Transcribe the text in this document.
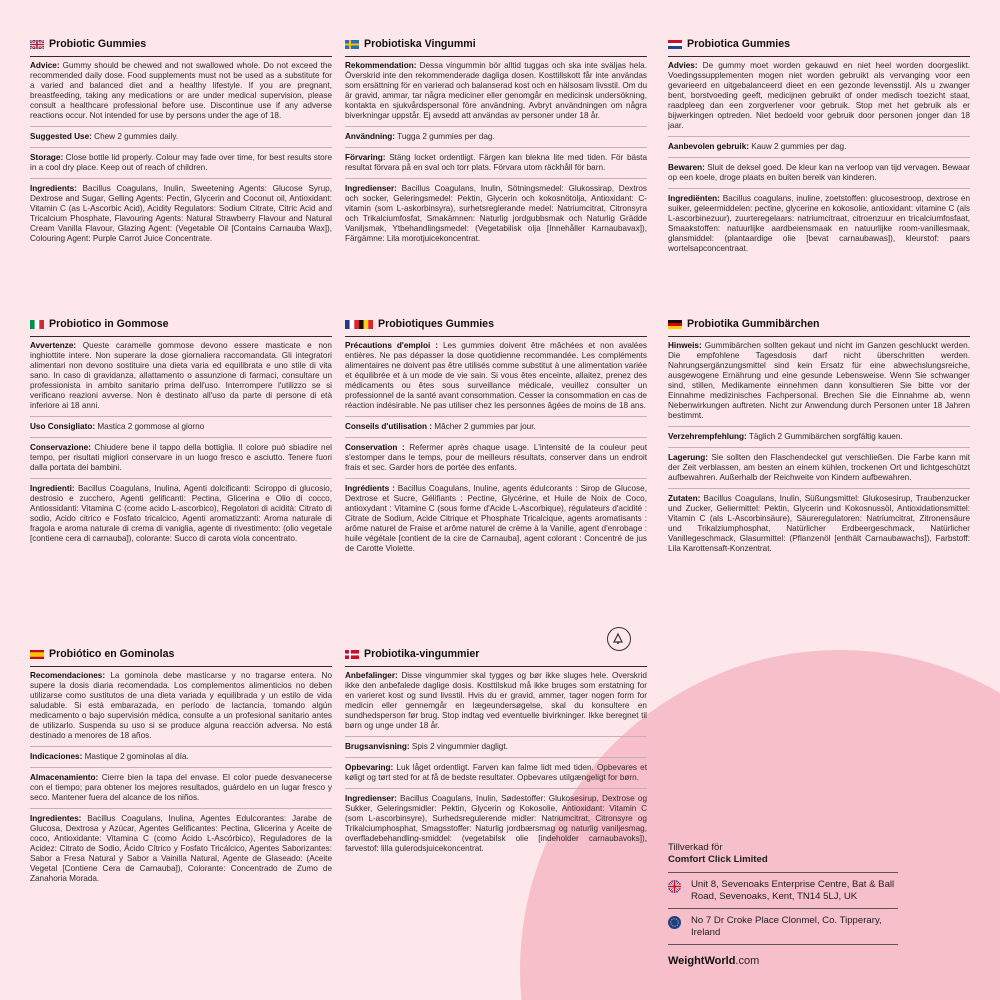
Probiotic Gummies

Advice: Gummy should be chewed and not swallowed whole. Do not exceed the recommended daily dose. Food supplements must not be used as a substitute for a varied and balanced diet and a healthy lifestyle. If you are pregnant, breastfeeding, taking any medications or are under medical supervision, please consult a healthcare professional before use. Discontinue use if any adverse reactions occur. Not intended for use by persons under the age of 18.

Suggested Use: Chew 2 gummies daily.

Storage: Close bottle lid properly. Colour may fade over time, for best results store in a cool dry place. Keep out of reach of children.

Ingredients: Bacillus Coagulans, Inulin, Sweetening Agents: Glucose Syrup, Dextrose and Sugar, Gelling Agents: Pectin, Glycerin and Coconut oil, Antioxidant: Vitamin C (as L-Ascorbic Acid), Acidity Regulators: Sodium Citrate, Citric Acid and Tricalcium Phosphate, Flavouring Agents: Natural Strawberry Flavour and Natural Cream Vanilla Flavour, Glazing Agent: (Vegetable Oil [Contains Carnauba Wax]), Colouring Agent: Purple Carrot Juice Concentrate.

Probiotiska Vingummi

Rekommendation: Dessa vingummin bör alltid tuggas och ska inte sväljas hela. Överskrid inte den rekommenderade dagliga dosen. Kosttillskott får inte användas som ersättning för en varierad och balanserad kost och en hälsosam livsstil. Om du är gravid, ammar, tar några mediciner eller genomgår en medicinsk undersökning, kontakta en sjukvårdspersonal före användning. Avbryt användningen om några biverkningar uppstår. Ej avsedd att användas av personer under 18 år.

Användning: Tugga 2 gummies per dag.

Förvaring: Stäng locket ordentligt. Färgen kan blekna lite med tiden. För bästa resultat förvara på en sval och torr plats. Förvara utom räckhåll för barn.

Ingredienser: Bacillus Coagulans, Inulin, Sötningsmedel: Glukossirap, Dextros och socker, Geleringsmedel: Pektin, Glycerin och kokosnötolja, Antioxidant: C-vitamin (som L-askorbinsyra), surhetsreglerande medel: Natriumcitrat, Citronsyra och Trikalciumfosfat, Smakämnen: Naturlig jordgubbsmak och Naturlig Grädde Vaniljsmak, Ytbehandlingsmedel: (Vegetabilisk olja [Innehåller Karnaubavax]), Färgämne: Lila morotjuicekoncentrat.

Probiotica Gummies

Advies: De gummy moet worden gekauwd en niet heel worden doorgeslikt. Voedingssupplementen mogen niet worden gebruikt als vervanging voor een gevarieerd en uitgebalanceerd dieet en een gezonde levensstijl. Als u zwanger bent, borstvoeding geeft, medicijnen gebruikt of onder medisch toezicht staat, raadpleeg dan een zorgverlener voor gebruik. Stop met het gebruik als er bijwerkingen optreden. Niet bedoeld voor gebruik door personen jonger dan 18 jaar.

Aanbevolen gebruik: Kauw 2 gummies per dag.

Bewaren: Sluit de deksel goed. De kleur kan na verloop van tijd vervagen. Bewaar op een koele, droge plaats en buiten bereik van kinderen.

Ingrediënten: Bacillus coagulans, inuline, zoetstoffen: glucosestroop, dextrose en suiker, geleermiddelen: pectine, glycerine en kokosolie, antioxidant: vitamine C (als L-ascorbinezuur), zuurteregelaars: natriumcitraat, citroenzuur en tricalciumfosfaat, Smaakstoffen: natuurlijke aardbeiensmaak en natuurlijke room-vanillesmaak, glansmiddel: (plantaardige olie [bevat carnaubawas]), kleurstof: paars wortelsapconcentraat.

Probiotico in Gommose

Avvertenze: Queste caramelle gommose devono essere masticate e non inghiottite intere. Non superare la dose giornaliera raccomandata. Gli integratori alimentari non devono sostituire una dieta varia ed equilibrata e uno stile di vita sano. In caso di gravidanza, allattamento o assunzione di farmaci, consultare un professionista in ambito sanitario prima dell'uso. Interrompere l'utilizzo se si verificano reazioni avverse. Non è destinato all'uso da parte di persone di età inferiore ai 18 anni.

Uso Consigliato: Mastica 2 gommose al giorno

Conservazione: Chiudere bene il tappo della bottiglia. Il colore può sbiadire nel tempo, per risultati migliori conservare in un luogo fresco e asciutto. Tenere fuori dalla portata dei bambini.

Ingredienti: Bacillus Coagulans, Inulina, Agenti dolcificanti: Sciroppo di glucosio, destrosio e zucchero, Agenti gelificanti: Pectina, Glicerina e Olio di cocco, Antiossidanti: Vitamina C (come acido L-ascorbico), Regolatori di acidità: Citrato di sodio, Acido citrico e Fosfato tricalcico, Agenti aromatizzanti: Aroma naturale di fragola e aroma naturale di crema di vaniglia, agente di rivestimento: (olio vegetale [contiene cera di carnauba]), colorante: Succo di carota viola concentrato.

Probiotiques Gummies

Précautions d'emploi : Les gummies doivent être mâchées et non avalées entières. Ne pas dépasser la dose quotidienne recommandée. Les compléments alimentaires ne doivent pas être utilisés comme substitut à une alimentation variée et équilibrée et à un mode de vie sain. Si vous êtes enceinte, allaitez, prenez des médicaments ou êtes sous surveillance médicale, veuillez consulter un professionnel de la santé avant consommation. Cesser la consommation en cas de réaction indésirable. Ne pas utiliser chez les personnes âgées de moins de 18 ans.

Conseils d'utilisation : Mâcher 2 gummies par jour.

Conservation : Refermer après chaque usage. L'intensité de la couleur peut s'estomper dans le temps, pour de meilleurs résultats, conserver dans un endroit frais et sec. Garder hors de portée des enfants.

Ingrédients : Bacillus Coagulans, Inuline, agents édulcorants : Sirop de Glucose, Dextrose et Sucre, Gélifiants : Pectine, Glycérine, et Huile de Noix de Coco, antioxydant : Vitamine C (sous forme d'Acide L-Ascorbique), régulateurs d'acidité : Citrate de Sodium, Acide Citrique et Phosphate Tricalcique, agents aromatisants : arôme naturel de Fraise et arôme naturel de crème à la Vanille, agent d'enrobage : huile végétale [contient de la cire de Carnauba], agent colorant : Concentré de jus de Carotte Violette.

Probiotika Gummibärchen

Hinweis: Gummibärchen sollten gekaut und nicht im Ganzen geschluckt werden. Die empfohlene Tagesdosis darf nicht überschritten werden. Nahrungsergänzungsmittel sind kein Ersatz für eine abwechslungsreiche, ausgewogene Ernährung und eine gesunde Lebensweise. Wenn Sie schwanger sind, stillen, Medikamente einnehmen dann konsultieren Sie bitte vor der Einnahme medizinisches Fachpersonal. Brechen Sie die Einnahme ab, wenn Nebenwirkungen auftreten. Nicht zur Anwendung durch Personen unter 18 Jahren bestimmt.

Verzehrempfehlung: Täglich 2 Gummibärchen sorgfältig kauen.

Lagerung: Sie sollten den Flaschendeckel gut verschließen. Die Farbe kann mit der Zeit verblassen, am besten an einem kühlen, trockenen Ort und lichtgeschützt aufbewahren. Außerhalb der Reichweite von Kindern aufbewahren.

Zutaten: Bacillus Coagulans, Inulin, Süßungsmittel: Glukosesirup, Traubenzucker und Zucker, Geliermittel: Pektin, Glycerin und Kokosnussöl, Antioxidationsmittel: Vitamin C (als L-Ascorbinsäure), Säureregulatoren: Natriumcitrat, Zitronensäure und Trikalziumphosphat, Natürlicher Erdbeergeschmack, Natürlicher Vanillegeschmack, Glasurmittel: (Pflanzenöl [enthält Carnaubawachs]), Farbstoff: Lila Karottensaft-Konzentrat.

Probiótico en Gominolas

Recomendaciones: La gominola debe masticarse y no tragarse entera. No supere la dosis diaria recomendada. Los complementos alimenticios no deben utilizarse como sustitutos de una dieta variada y equilibrada y un estilo de vida saludable. Si está embarazada, en período de lactancia, tomando algún medicamento o bajo supervisión médica, consulte a un profesional sanitario antes de utilizarlo. Suspenda su uso si se produce alguna reacción adversa. No está destinado a menores de 18 años.

Indicaciones: Mastique 2 gominolas al día.

Almacenamiento: Cierre bien la tapa del envase. El color puede desvanecerse con el tiempo; para obtener los mejores resultados, guárdelo en un lugar fresco y seco. Mantener fuera del alcance de los niños.

Ingredientes: Bacillus Coagulans, Inulina, Agentes Edulcorantes: Jarabe de Glucosa, Dextrosa y Azúcar, Agentes Gelificantes: Pectina, Glicerina y Aceite de coco, Antioxidante: Vitamina C (como Ácido L-Ascórbico), Reguladores de la Acidez: Citrato de Sodio, Ácido Cítrico y Fosfato Tricálcico, Agentes Saborizantes: Sabor a Fresa Natural y Sabor a Vainilla Natural, Agente de Glaseado: (Aceite Vegetal [Contiene Cera de Carnauba]), Colorante: Concentrado de Zumo de Zanahoria Morada.

Probiotika-vingummier

Anbefalinger: Disse vingummier skal tygges og bør ikke sluges hele. Overskrid ikke den anbefalede daglige dosis. Kosttilskud må ikke bruges som erstatning for en varieret kost og sund livsstil. Hvis du er gravid, ammer, tager nogen form for medicin eller gennemgår en lægeundersøgelse, skal du konsultere en sundhedsperson før brug. Stop indtag ved eventuelle bivirkninger. Ikke beregnet til børn og unge under 18 år.

Brugsanvisning: Spis 2 vingummier dagligt.

Opbevaring: Luk låget ordentligt. Farven kan falme lidt med tiden. Opbevares et køligt og tørt sted for at få de bedste resultater. Opbevares utilgængeligt for børn.

Ingredienser: Bacillus Coagulans, Inulin, Sødestoffer: Glukosesirup, Dextrose og Sukker, Geleringsmidler: Pektin, Glycerin og Kokosolie, Antioxidant: Vitamin C (som L-ascorbinsyre), Surhedsregulerende midler: Natriumcitrat, Citronsyre og Trikalciumphosphat, Smagsstoffer: Naturlig jordbærsmag og naturlig vaniljesmag, overfladebehandling-smiddel: (vegetabilsk olie [indeholder carnaubavoks]), farvestof: lilla gulerodsjuicekoncentrat.	Tillverkad för
Comfort Click Limited
Unit 8, Sevenoaks Enterprise Centre, Bat & Ball Road, Sevenoaks, Kent, TN14 5LJ, UK
No 7 Dr Croke Place Clonmel, Co. Tipperary, Ireland
WeightWorld.com
